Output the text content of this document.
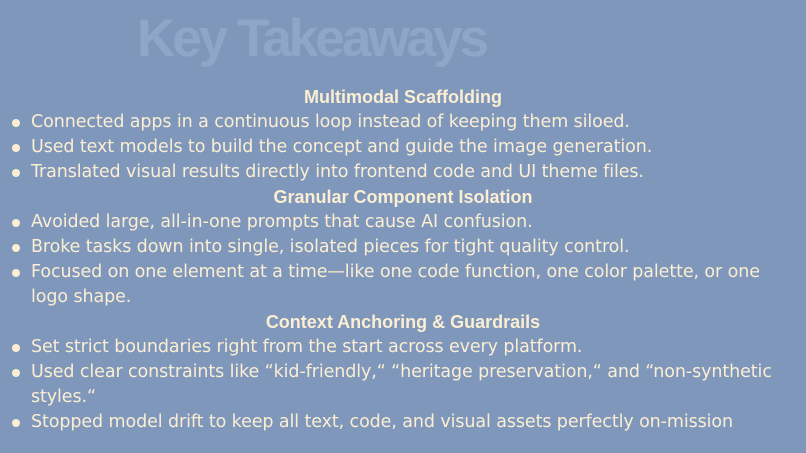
Key Takeaways
Multimodal Scaffolding
Connected apps in a continuous loop instead of keeping them siloed.
Used text models to build the concept and guide the image generation.
Translated visual results directly into frontend code and UI theme files.
Granular Component Isolation
Avoided large, all-in-one prompts that cause AI confusion.
Broke tasks down into single, isolated pieces for tight quality control.
Focused on one element at a time—like one code function, one color palette, or one logo shape.
Context Anchoring & Guardrails
Set strict boundaries right from the start across every platform.
Used clear constraints like “kid-friendly,“ “heritage preservation,“ and “non-synthetic styles.“
Stopped model drift to keep all text, code, and visual assets perfectly on-mission
